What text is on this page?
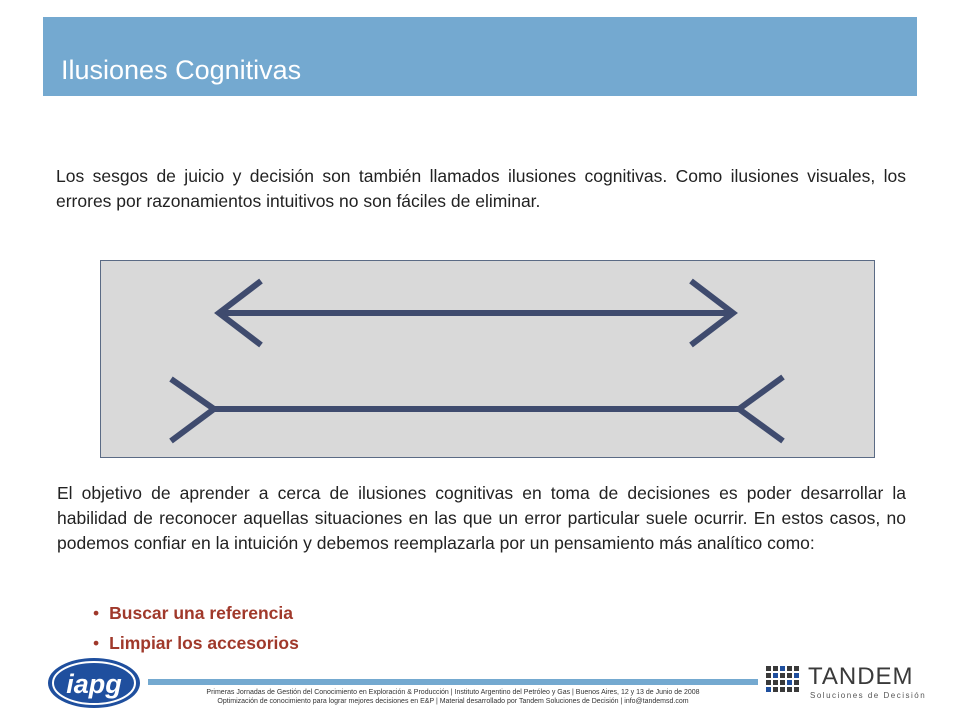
Ilusiones Cognitivas

Los sesgos de juicio y decisión son también llamados ilusiones cognitivas. Como ilusiones visuales, los errores por razonamientos intuitivos no son fáciles de eliminar.

El objetivo de aprender a cerca de ilusiones cognitivas en toma de decisiones es poder desarrollar la habilidad de reconocer aquellas situaciones en las que un error particular suele ocurrir. En estos casos, no podemos confiar en la intuición y debemos reemplazarla por un pensamiento más analítico como:

• Buscar una referencia
• Limpiar los accesorios
iapg	Primeras Jornadas de Gestión del Conocimiento en Exploración & Producción | Instituto Argentino del Petróleo y Gas | Buenos Aires, 12 y 13 de Junio de 2008
Optimización de conocimiento para lograr mejores decisiones en E&P | Material desarrollado por Tandem Soluciones de Decisión | info@tandemsd.com

TANDEM
Soluciones de Decisión
